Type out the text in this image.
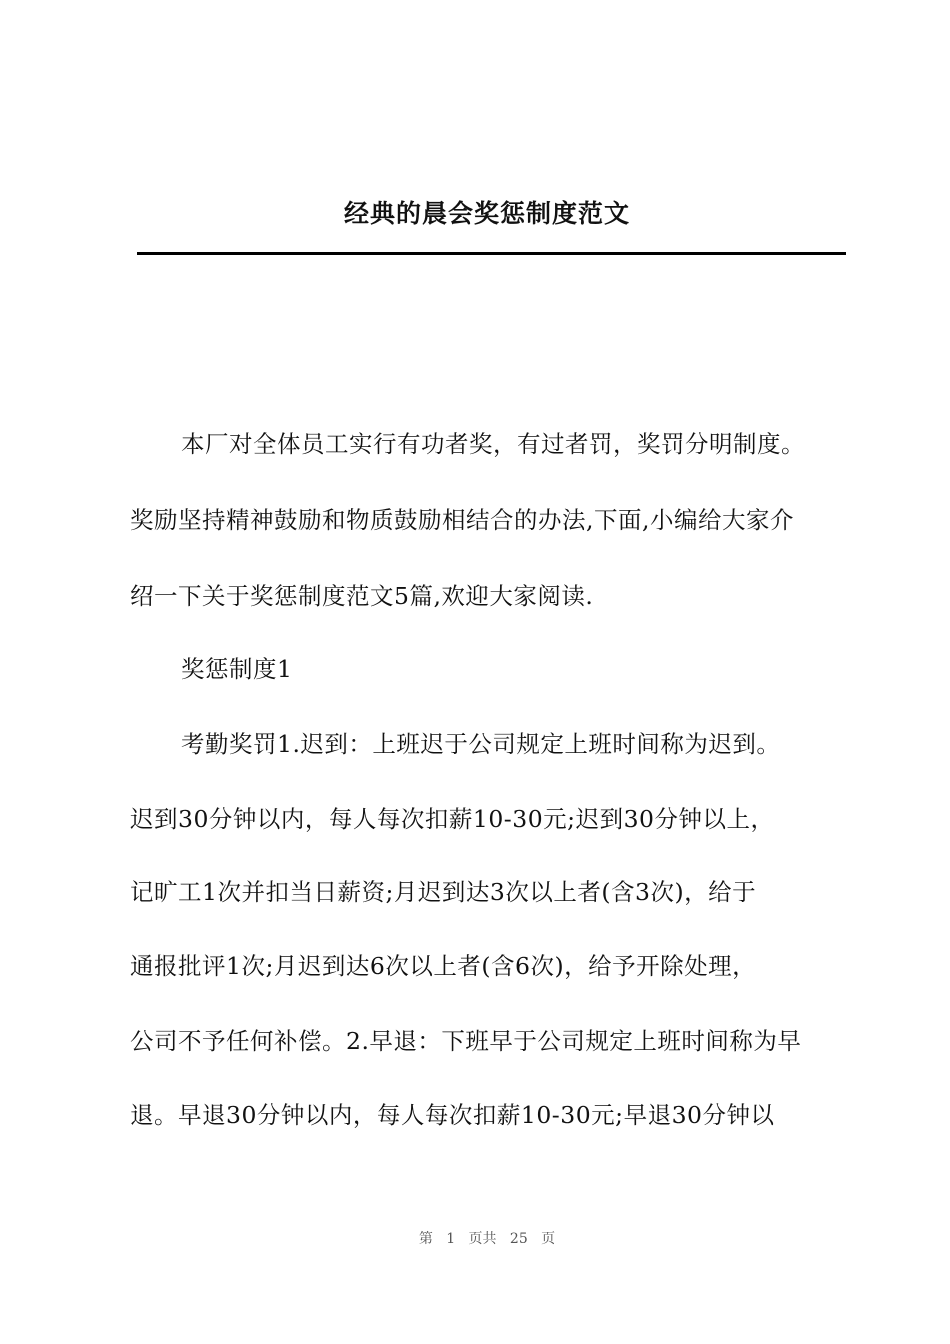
经典的晨会奖惩制度范文
本厂对全体员工实行有功者奖，有过者罚，奖罚分明制度。
奖励坚持精神鼓励和物质鼓励相结合的办法,下面,小编给大家介
绍一下关于奖惩制度范文5篇,欢迎大家阅读.
奖惩制度1
考勤奖罚1.迟到：上班迟于公司规定上班时间称为迟到。
迟到30分钟以内，每人每次扣薪10-30元;迟到30分钟以上，
记旷工1次并扣当日薪资;月迟到达3次以上者(含3次)，给于
通报批评1次;月迟到达6次以上者(含6次)，给予开除处理，
公司不予任何补偿。2.早退：下班早于公司规定上班时间称为早
退。早退30分钟以内，每人每次扣薪10-30元;早退30分钟以
第 1 页共 25 页
